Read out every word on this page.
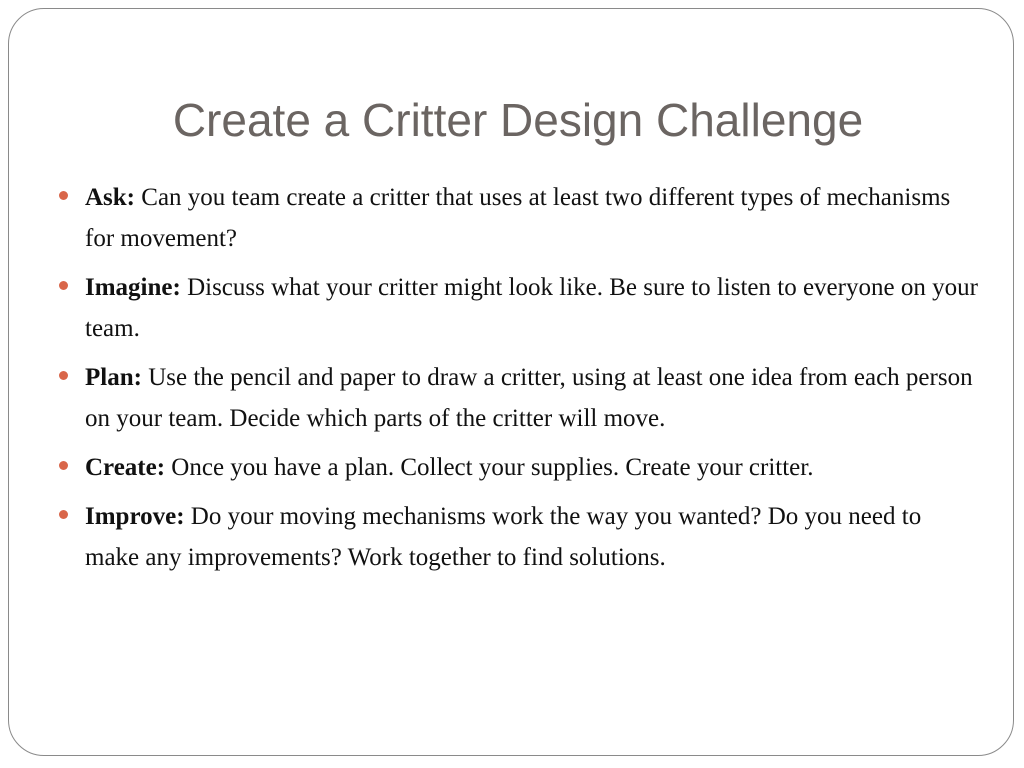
Create a Critter Design Challenge
Ask: Can you team create a critter that uses at least two different types of mechanisms for movement?
Imagine: Discuss what your critter might look like. Be sure to listen to everyone on your team.
Plan: Use the pencil and paper to draw a critter, using at least one idea from each person on your team. Decide which parts of the critter will move.
Create: Once you have a plan. Collect your supplies. Create your critter.
Improve: Do your moving mechanisms work the way you wanted? Do you need to make any improvements? Work together to find solutions.
